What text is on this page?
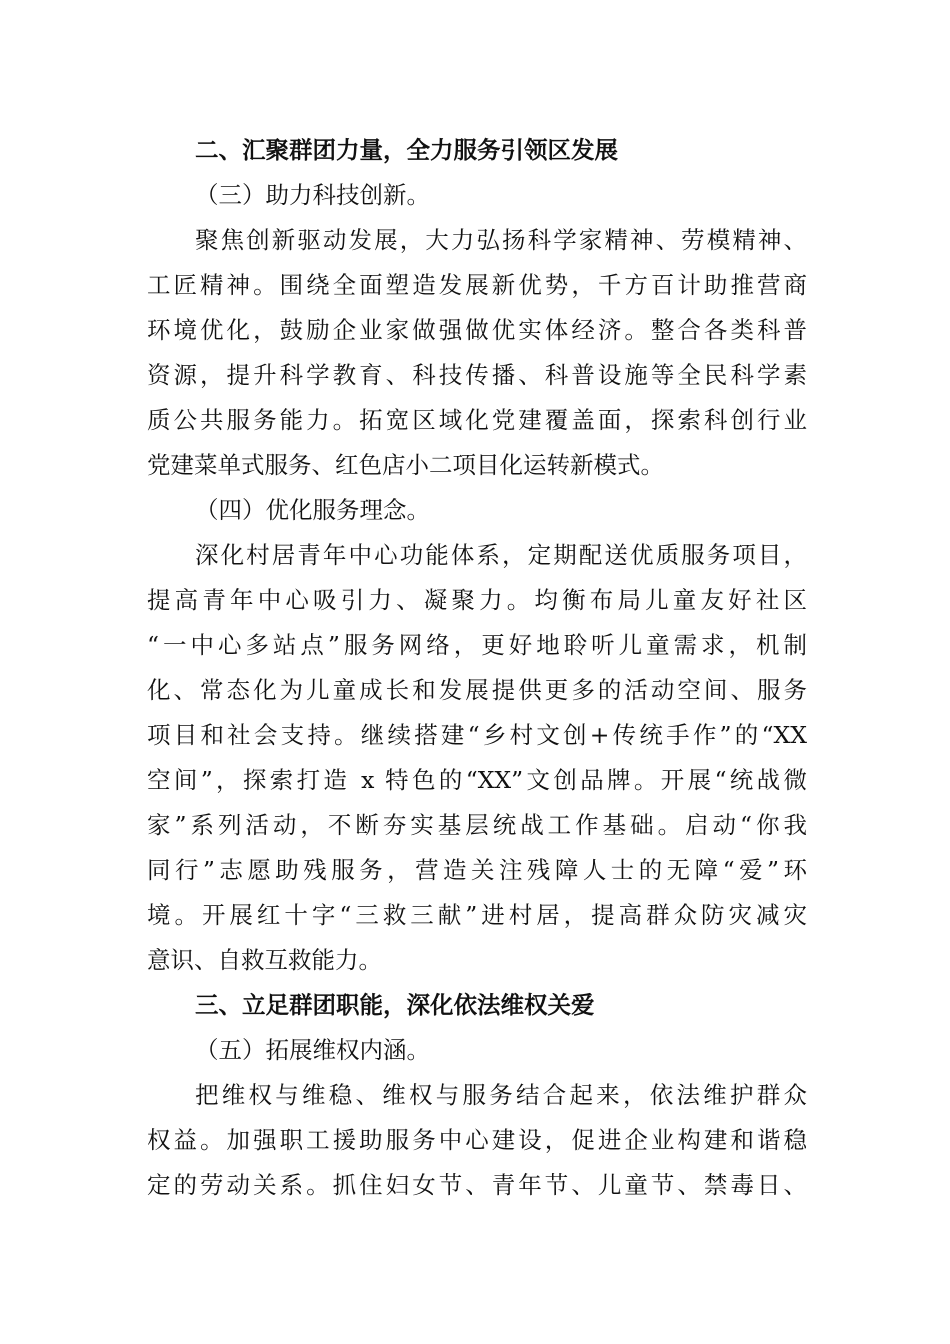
二、汇聚群团力量，全力服务引领区发展
（三）助力科技创新。
聚焦创新驱动发展，大力弘扬科学家精神、劳模精神、
工匠精神。围绕全面塑造发展新优势，千方百计助推营商
环境优化，鼓励企业家做强做优实体经济。整合各类科普
资源，提升科学教育、科技传播、科普设施等全民科学素
质公共服务能力。拓宽区域化党建覆盖面，探索科创行业
党建菜单式服务、红色店小二项目化运转新模式。
（四）优化服务理念。
深化村居青年中心功能体系，定期配送优质服务项目，
提高青年中心吸引力、凝聚力。均衡布局儿童友好社区
“一中心多站点”服务网络，更好地聆听儿童需求，机制
化、常态化为儿童成长和发展提供更多的活动空间、服务
项目和社会支持。继续搭建“乡村文创+传统手作”的“XX
空间”，探索打造 x 特色的“XX”文创品牌。开展“统战微
家”系列活动，不断夯实基层统战工作基础。启动“你我
同行”志愿助残服务，营造关注残障人士的无障“爱”环
境。开展红十字“三救三献”进村居，提高群众防灾减灾
意识、自救互救能力。
三、立足群团职能，深化依法维权关爱
（五）拓展维权内涵。
把维权与维稳、维权与服务结合起来，依法维护群众
权益。加强职工援助服务中心建设，促进企业构建和谐稳
定的劳动关系。抓住妇女节、青年节、儿童节、禁毒日、
